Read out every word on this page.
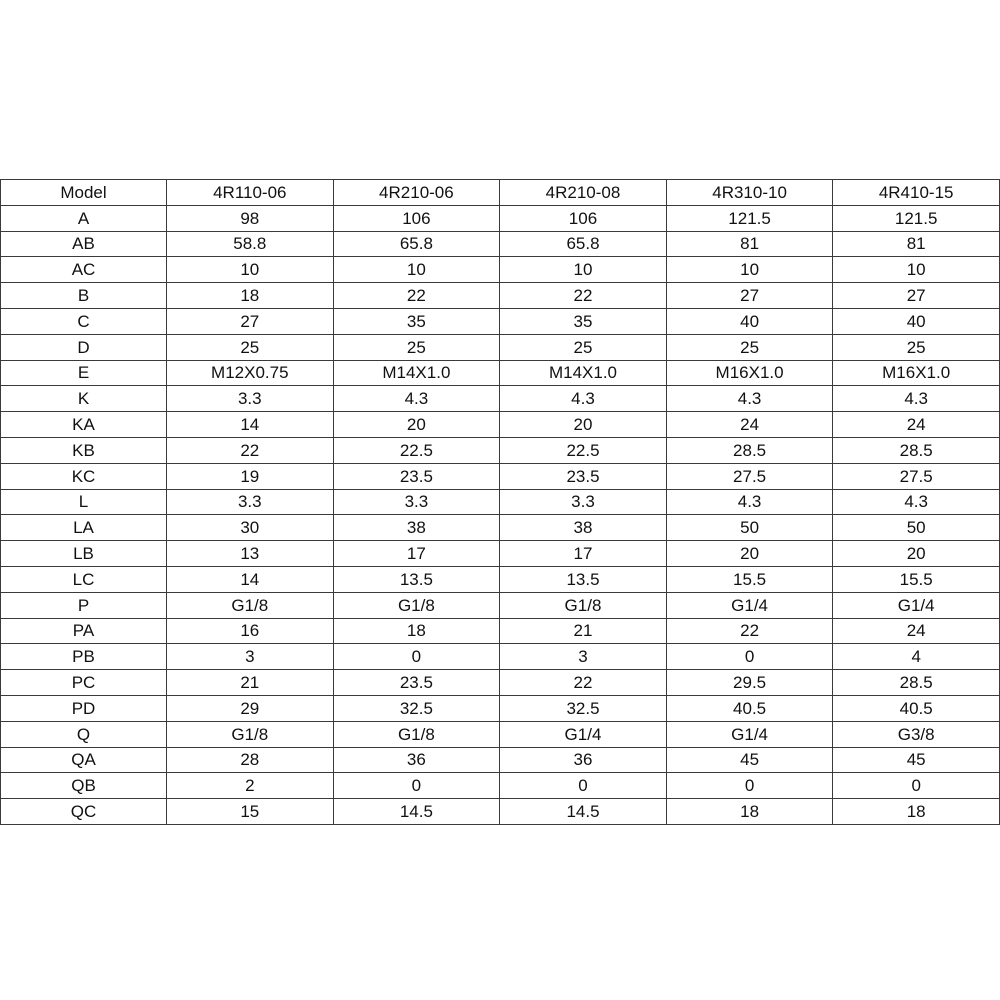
Model	4R110-06	4R210-06	4R210-08	4R310-10	4R410-15
A	98	106	106	121.5	121.5
AB	58.8	65.8	65.8	81	81
AC	10	10	10	10	10
B	18	22	22	27	27
C	27	35	35	40	40
D	25	25	25	25	25
E	M12X0.75	M14X1.0	M14X1.0	M16X1.0	M16X1.0
K	3.3	4.3	4.3	4.3	4.3
KA	14	20	20	24	24
KB	22	22.5	22.5	28.5	28.5
KC	19	23.5	23.5	27.5	27.5
L	3.3	3.3	3.3	4.3	4.3
LA	30	38	38	50	50
LB	13	17	17	20	20
LC	14	13.5	13.5	15.5	15.5
P	G1/8	G1/8	G1/8	G1/4	G1/4
PA	16	18	21	22	24
PB	3	0	3	0	4
PC	21	23.5	22	29.5	28.5
PD	29	32.5	32.5	40.5	40.5
Q	G1/8	G1/8	G1/4	G1/4	G3/8
QA	28	36	36	45	45
QB	2	0	0	0	0
QC	15	14.5	14.5	18	18
